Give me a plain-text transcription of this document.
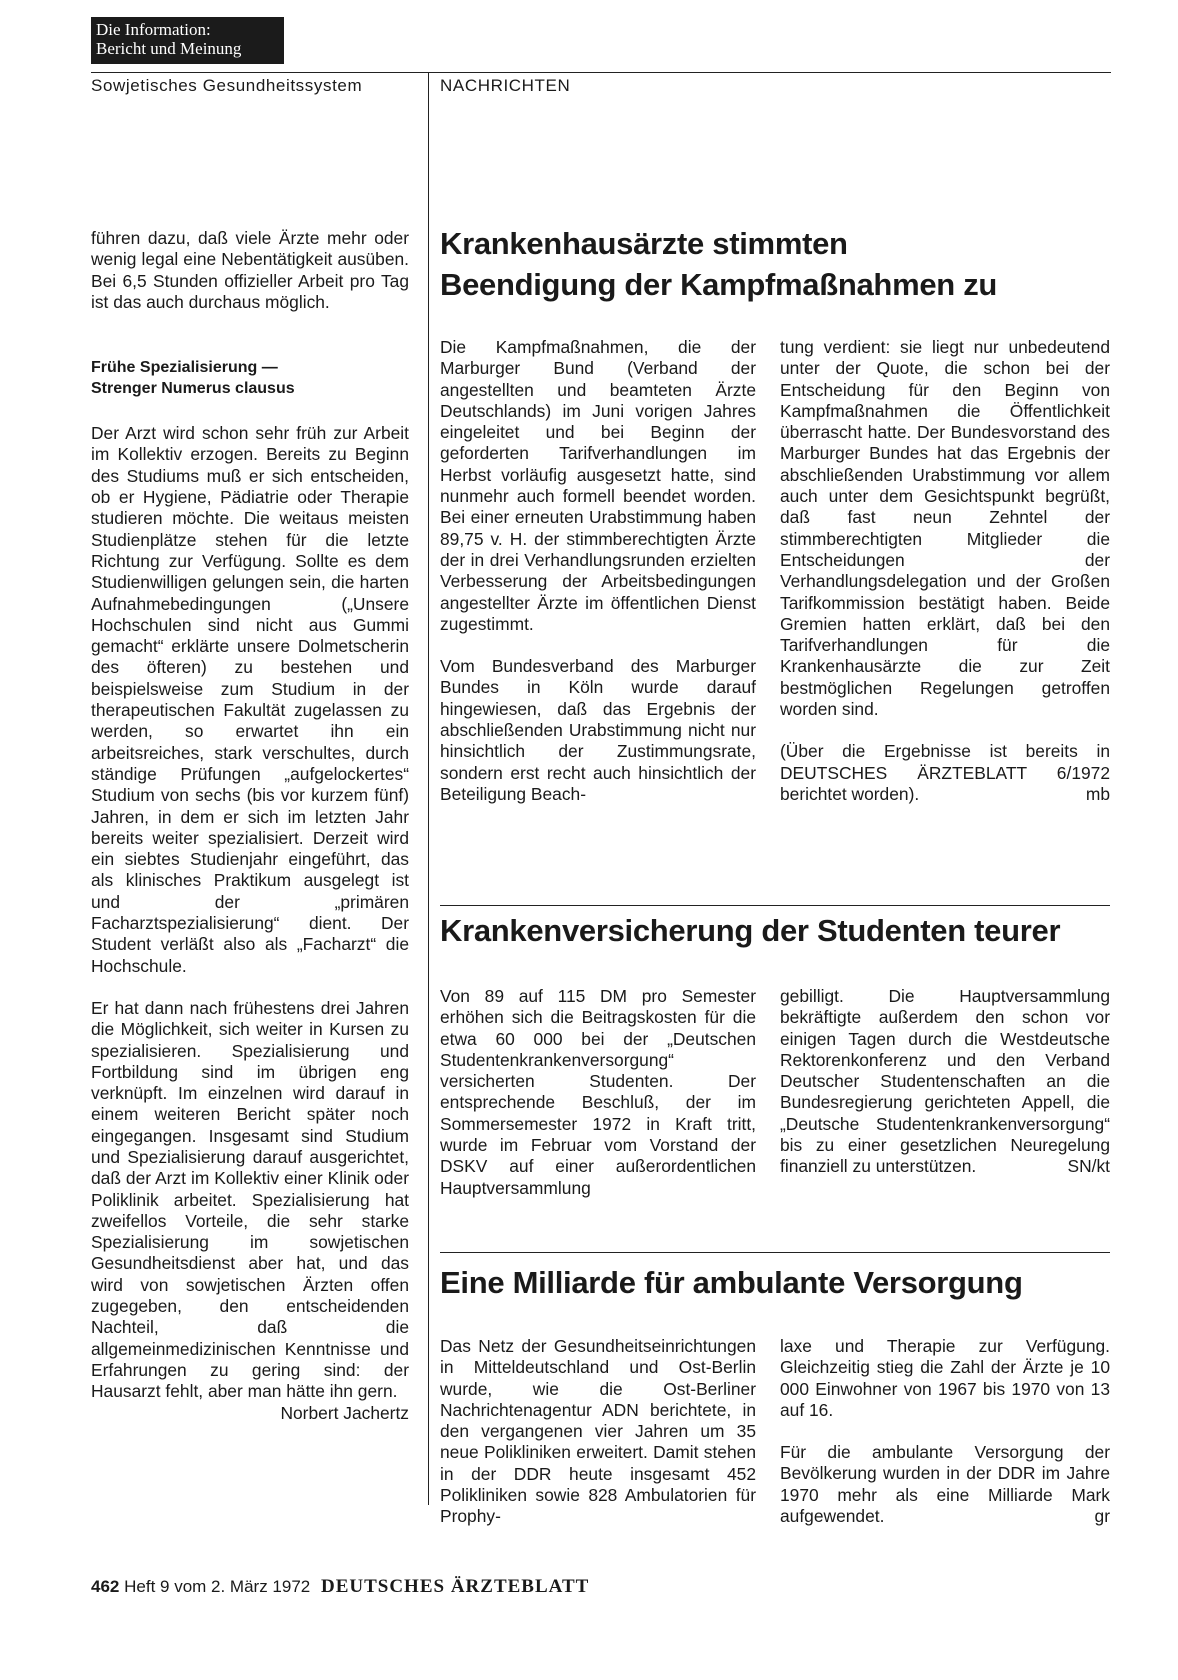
Die Information:
Bericht und Meinung
Sowjetisches Gesundheitssystem	NACHRICHTEN

führen dazu, daß viele Ärzte mehr oder wenig legal eine Nebentätigkeit ausüben. Bei 6,5 Stunden offizieller Arbeit pro Tag ist das auch durchaus möglich.

Frühe Spezialisierung —
Strenger Numerus clausus

Der Arzt wird schon sehr früh zur Arbeit im Kollektiv erzogen. Bereits zu Beginn des Studiums muß er sich entscheiden, ob er Hygiene, Pädiatrie oder Therapie studieren möchte. Die weitaus meisten Studienplätze stehen für die letzte Richtung zur Verfügung. Sollte es dem Studienwilligen gelungen sein, die harten Aufnahmebedingungen („Unsere Hochschulen sind nicht aus Gummi gemacht“ erklärte unsere Dolmetscherin des öfteren) zu bestehen und beispielsweise zum Studium in der therapeutischen Fakultät zugelassen zu werden, so erwartet ihn ein arbeitsreiches, stark verschultes, durch ständige Prüfungen „aufgelockertes“ Studium von sechs (bis vor kurzem fünf) Jahren, in dem er sich im letzten Jahr bereits weiter spezialisiert. Derzeit wird ein siebtes Studienjahr eingeführt, das als klinisches Praktikum ausgelegt ist und der „primären Facharztspezialisierung“ dient. Der Student verläßt also als „Facharzt“ die Hochschule.

Er hat dann nach frühestens drei Jahren die Möglichkeit, sich weiter in Kursen zu spezialisieren. Spezialisierung und Fortbildung sind im übrigen eng verknüpft. Im einzelnen wird darauf in einem weiteren Bericht später noch eingegangen. Insgesamt sind Studium und Spezialisierung darauf ausgerichtet, daß der Arzt im Kollektiv einer Klinik oder Poliklinik arbeitet. Spezialisierung hat zweifellos Vorteile, die sehr starke Spezialisierung im sowjetischen Gesundheitsdienst aber hat, und das wird von sowjetischen Ärzten offen zugegeben, den entscheidenden Nachteil, daß die allgemeinmedizinischen Kenntnisse und Erfahrungen zu gering sind: der Hausarzt fehlt, aber man hätte ihn gern.
Norbert Jachertz

Krankenhausärzte stimmten
Beendigung der Kampfmaßnahmen zu

Die Kampfmaßnahmen, die der Marburger Bund (Verband der angestellten und beamteten Ärzte Deutschlands) im Juni vorigen Jahres eingeleitet und bei Beginn der geforderten Tarifverhandlungen im Herbst vorläufig ausgesetzt hatte, sind nunmehr auch formell beendet worden. Bei einer erneuten Urabstimmung haben 89,75 v. H. der stimmberechtigten Ärzte der in drei Verhandlungsrunden erzielten Verbesserung der Arbeitsbedingungen angestellter Ärzte im öffentlichen Dienst zugestimmt.

Vom Bundesverband des Marburger Bundes in Köln wurde darauf hingewiesen, daß das Ergebnis der abschließenden Urabstimmung nicht nur hinsichtlich der Zustimmungsrate, sondern erst recht auch hinsichtlich der Beteiligung Beach-

tung verdient: sie liegt nur unbedeutend unter der Quote, die schon bei der Entscheidung für den Beginn von Kampfmaßnahmen die Öffentlichkeit überrascht hatte. Der Bundesvorstand des Marburger Bundes hat das Ergebnis der abschließenden Urabstimmung vor allem auch unter dem Gesichtspunkt begrüßt, daß fast neun Zehntel der stimmberechtigten Mitglieder die Entscheidungen der Verhandlungsdelegation und der Großen Tarifkommission bestätigt haben. Beide Gremien hatten erklärt, daß bei den Tarifverhandlungen für die Krankenhausärzte die zur Zeit bestmöglichen Regelungen getroffen worden sind.

(Über die Ergebnisse ist bereits in DEUTSCHES ÄRZTEBLATT 6/1972 berichtet worden).	mb

Krankenversicherung der Studenten teurer

Von 89 auf 115 DM pro Semester erhöhen sich die Beitragskosten für die etwa 60 000 bei der „Deutschen Studentenkrankenversorgung“ versicherten Studenten. Der entsprechende Beschluß, der im Sommersemester 1972 in Kraft tritt, wurde im Februar vom Vorstand der DSKV auf einer außerordentlichen Hauptversammlung

gebilligt. Die Hauptversammlung bekräftigte außerdem den schon vor einigen Tagen durch die Westdeutsche Rektorenkonferenz und den Verband Deutscher Studentenschaften an die Bundesregierung gerichteten Appell, die „Deutsche Studentenkrankenversorgung“ bis zu einer gesetzlichen Neuregelung finanziell zu unterstützen.	SN/kt

Eine Milliarde für ambulante Versorgung

Das Netz der Gesundheitseinrichtungen in Mitteldeutschland und Ost-Berlin wurde, wie die Ost-Berliner Nachrichtenagentur ADN berichtete, in den vergangenen vier Jahren um 35 neue Polikliniken erweitert. Damit stehen in der DDR heute insgesamt 452 Polikliniken sowie 828 Ambulatorien für Prophy-

laxe und Therapie zur Verfügung. Gleichzeitig stieg die Zahl der Ärzte je 10 000 Einwohner von 1967 bis 1970 von 13 auf 16.

Für die ambulante Versorgung der Bevölkerung wurden in der DDR im Jahre 1970 mehr als eine Milliarde Mark aufgewendet.	gr

462 Heft 9 vom 2. März 1972 DEUTSCHES ÄRZTEBLATT
